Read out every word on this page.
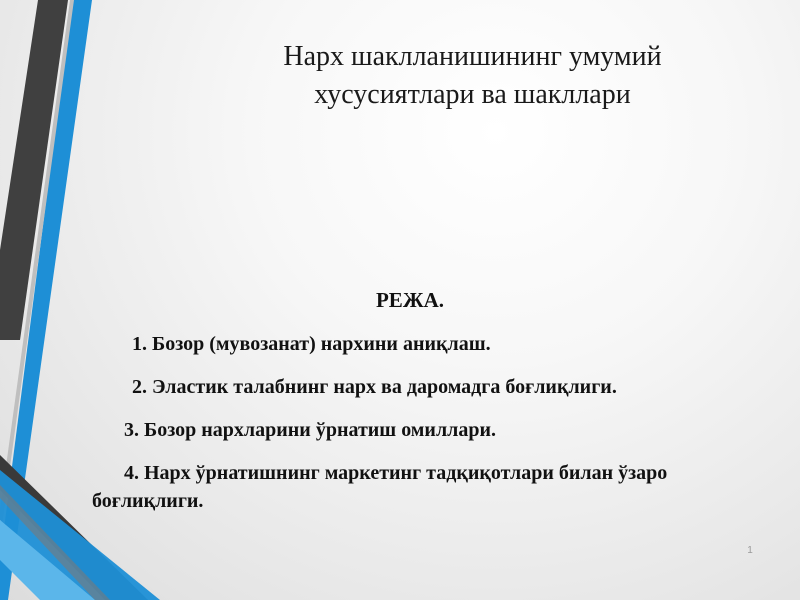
Нарх шаклланишининг умумий
хусусиятлари ва шакллари
РЕЖА.
1. Бозор (мувозанат) нархини аниқлаш.
2. Эластик талабнинг нарх ва даромадга боғлиқлиги.
3. Бозор нархларини ўрнатиш омиллари.
4. Нарх ўрнатишнинг маркетинг тадқиқотлари билан ўзаро боғлиқлиги.
1
